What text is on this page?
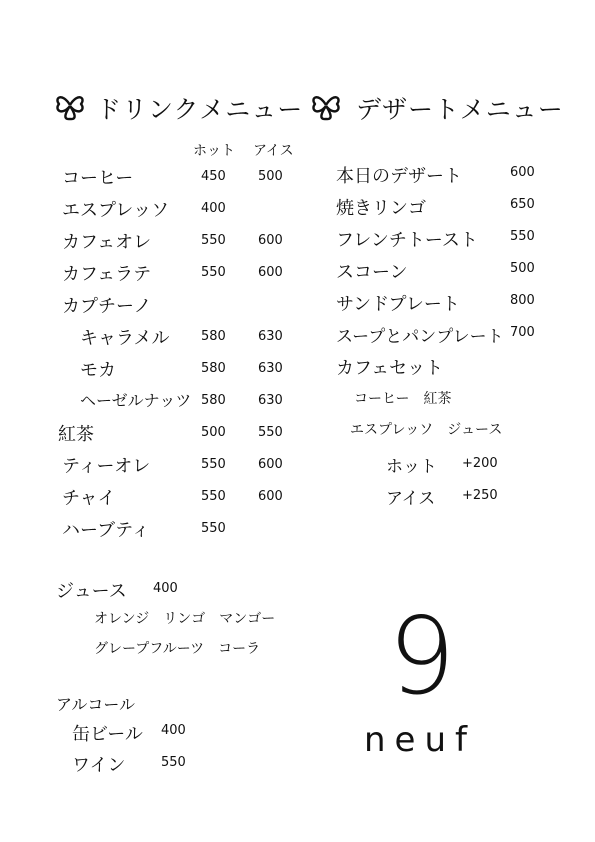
ドリンクメニュー デザートメニュー
ホット アイス
コーヒー	450 500
エスプレッソ 400
カフェオレ	550 600
カフェラテ	550 600
カプチーノ
キャラメル 580 630
モカ	580 630
ヘーゼルナッツ 580 630
紅茶	500 550
ティーオレ	550 600
チャイ	550 600
ハーブティ	550
本日のデザート	600
焼きリンゴ	650
フレンチトースト 550
スコーン	500
サンドプレート	800
スープとパンプレート 700
カフェセット
コーヒー　紅茶
エスプレッソ　ジュース
ホット +200
アイス +250
ジュース 400
オレンジ　リンゴ　マンゴー
グレープフルーツ　コーラ
アルコール
缶ビール 400
ワイン	550
9
neuf
